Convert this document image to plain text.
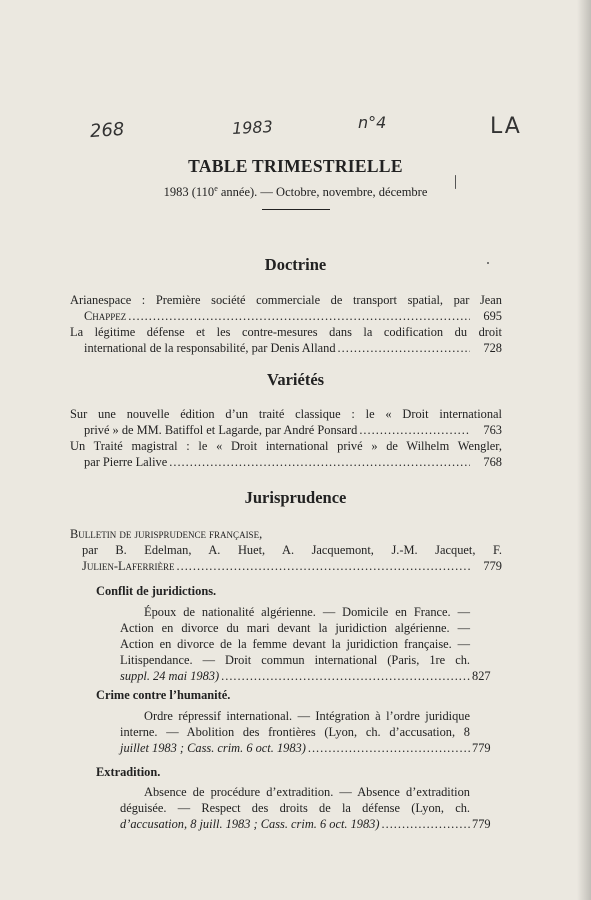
268	1983	n°4	LA
TABLE TRIMESTRIELLE
1983 (110e année). — Octobre, novembre, décembre
Doctrine
Arianespace : Première société commerciale de transport spatial, par Jean
Chappez .....	695
La légitime défense et les contre-mesures dans la codification du droit
international de la responsabilité, par Denis Alland .....	728
Variétés
Sur une nouvelle édition d’un traité classique : le « Droit international
privé » de MM. Batiffol et Lagarde, par André Ponsard .....	763
Un Traité magistral : le « Droit international privé » de Wilhelm Wengler,
par Pierre Lalive .....	768
Jurisprudence
Bulletin de jurisprudence française,
par B. Edelman, A. Huet, A. Jacquemont, J.-M. Jacquet, F.
Julien-Laferrière .....	779
Conflit de juridictions.
Époux de nationalité algérienne. — Domicile en France. —
Action en divorce du mari devant la juridiction algérienne. —
Action en divorce de la femme devant la juridiction française. —
Litispendance. — Droit commun international (Paris, 1re ch.
suppl. 24 mai 1983) .....	827
Crime contre l’humanité.
Ordre répressif international. — Intégration à l’ordre juridique
interne. — Abolition des frontières (Lyon, ch. d’accusation, 8
juillet 1983 ; Cass. crim. 6 oct. 1983) .....	779
Extradition.
Absence de procédure d’extradition. — Absence d’extradition
déguisée. — Respect des droits de la défense (Lyon, ch.
d’accusation, 8 juill. 1983 ; Cass. crim. 6 oct. 1983) .....	779
